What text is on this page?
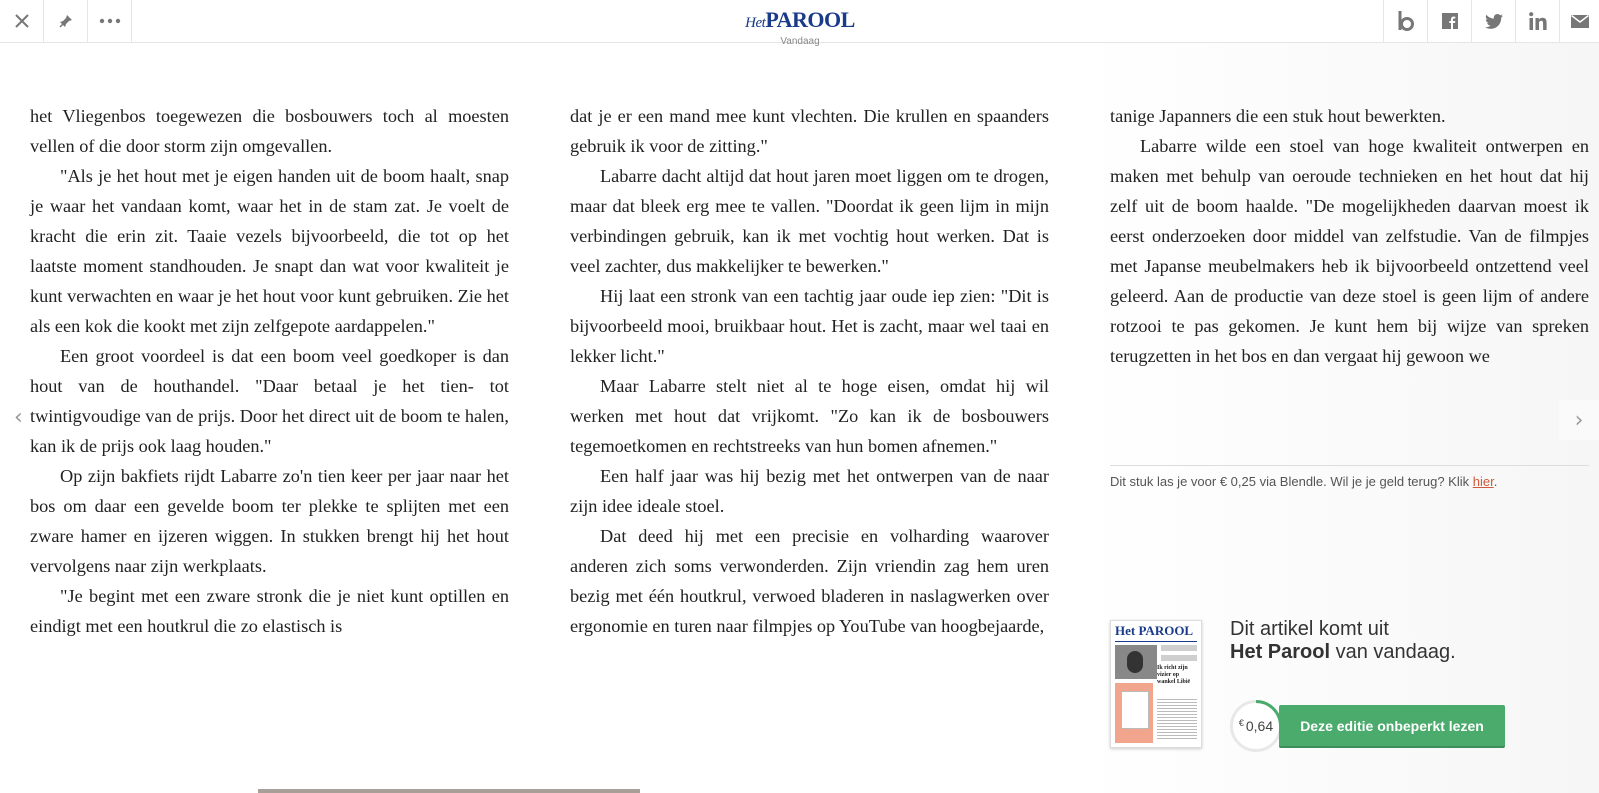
HetPAROOL
Vandaag

het Vliegenbos toegewezen die bosbouwers toch al moesten vellen of die door storm zijn omgevallen.

"Als je het hout met je eigen handen uit de boom haalt, snap je waar het vandaan komt, waar het in de stam zat. Je voelt de kracht die erin zit. Taaie vezels bijvoorbeeld, die tot op het laatste moment standhouden. Je snapt dan wat voor kwaliteit je kunt verwachten en waar je het hout voor kunt gebruiken. Zie het als een kok die kookt met zijn zelfgepote aardappelen."

Een groot voordeel is dat een boom veel goedkoper is dan hout van de houthandel. "Daar betaal je het tien- tot twintigvoudige van de prijs. Door het direct uit de boom te halen, kan ik de prijs ook laag houden."

Op zijn bakfiets rijdt Labarre zo'n tien keer per jaar naar het bos om daar een gevelde boom ter plekke te splijten met een zware hamer en ijzeren wiggen. In stukken brengt hij het hout vervolgens naar zijn werkplaats.

"Je begint met een zware stronk die je niet kunt optillen en eindigt met een houtkrul die zo elastisch is

dat je er een mand mee kunt vlechten. Die krullen en spaanders gebruik ik voor de zitting."

Labarre dacht altijd dat hout jaren moet liggen om te drogen, maar dat bleek erg mee te vallen. "Doordat ik geen lijm in mijn verbindingen gebruik, kan ik met vochtig hout werken. Dat is veel zachter, dus makkelijker te bewerken."

Hij laat een stronk van een tachtig jaar oude iep zien: "Dit is bijvoorbeeld mooi, bruikbaar hout. Het is zacht, maar wel taai en lekker licht."

Maar Labarre stelt niet al te hoge eisen, omdat hij wil werken met hout dat vrijkomt. "Zo kan ik de bosbouwers tegemoetkomen en rechtstreeks van hun bomen afnemen."

Een half jaar was hij bezig met het ontwerpen van de naar zijn idee ideale stoel.

Dat deed hij met een precisie en volharding waarover anderen zich soms verwonderden. Zijn vriendin zag hem uren bezig met één houtkrul, verwoed bladeren in naslagwerken over ergonomie en turen naar filmpjes op YouTube van hoogbejaarde,

tanige Japanners die een stuk hout bewerkten.

Labarre wilde een stoel van hoge kwaliteit ontwerpen en maken met behulp van oeroude technieken en het hout dat hij zelf uit de boom haalde. "De mogelijkheden daarvan moest ik eerst onderzoeken door middel van zelfstudie. Van de filmpjes met Japanse meubelmakers heb ik bijvoorbeeld ontzettend veel geleerd. Aan de productie van deze stoel is geen lijm of andere rotzooi te pas gekomen. Je kunt hem bij wijze van spreken terugzetten in het bos en dan vergaat hij gewoon we

‹	›
Dit stuk las je voor € 0,25 via Blendle. Wil je je geld terug? Klik hier.
Het PAROOL
Ik richt zijn vizier op wankel Libië
Dit artikel komt uit
Het Parool van vandaag.
€ 0,64	Deze editie onbeperkt lezen
